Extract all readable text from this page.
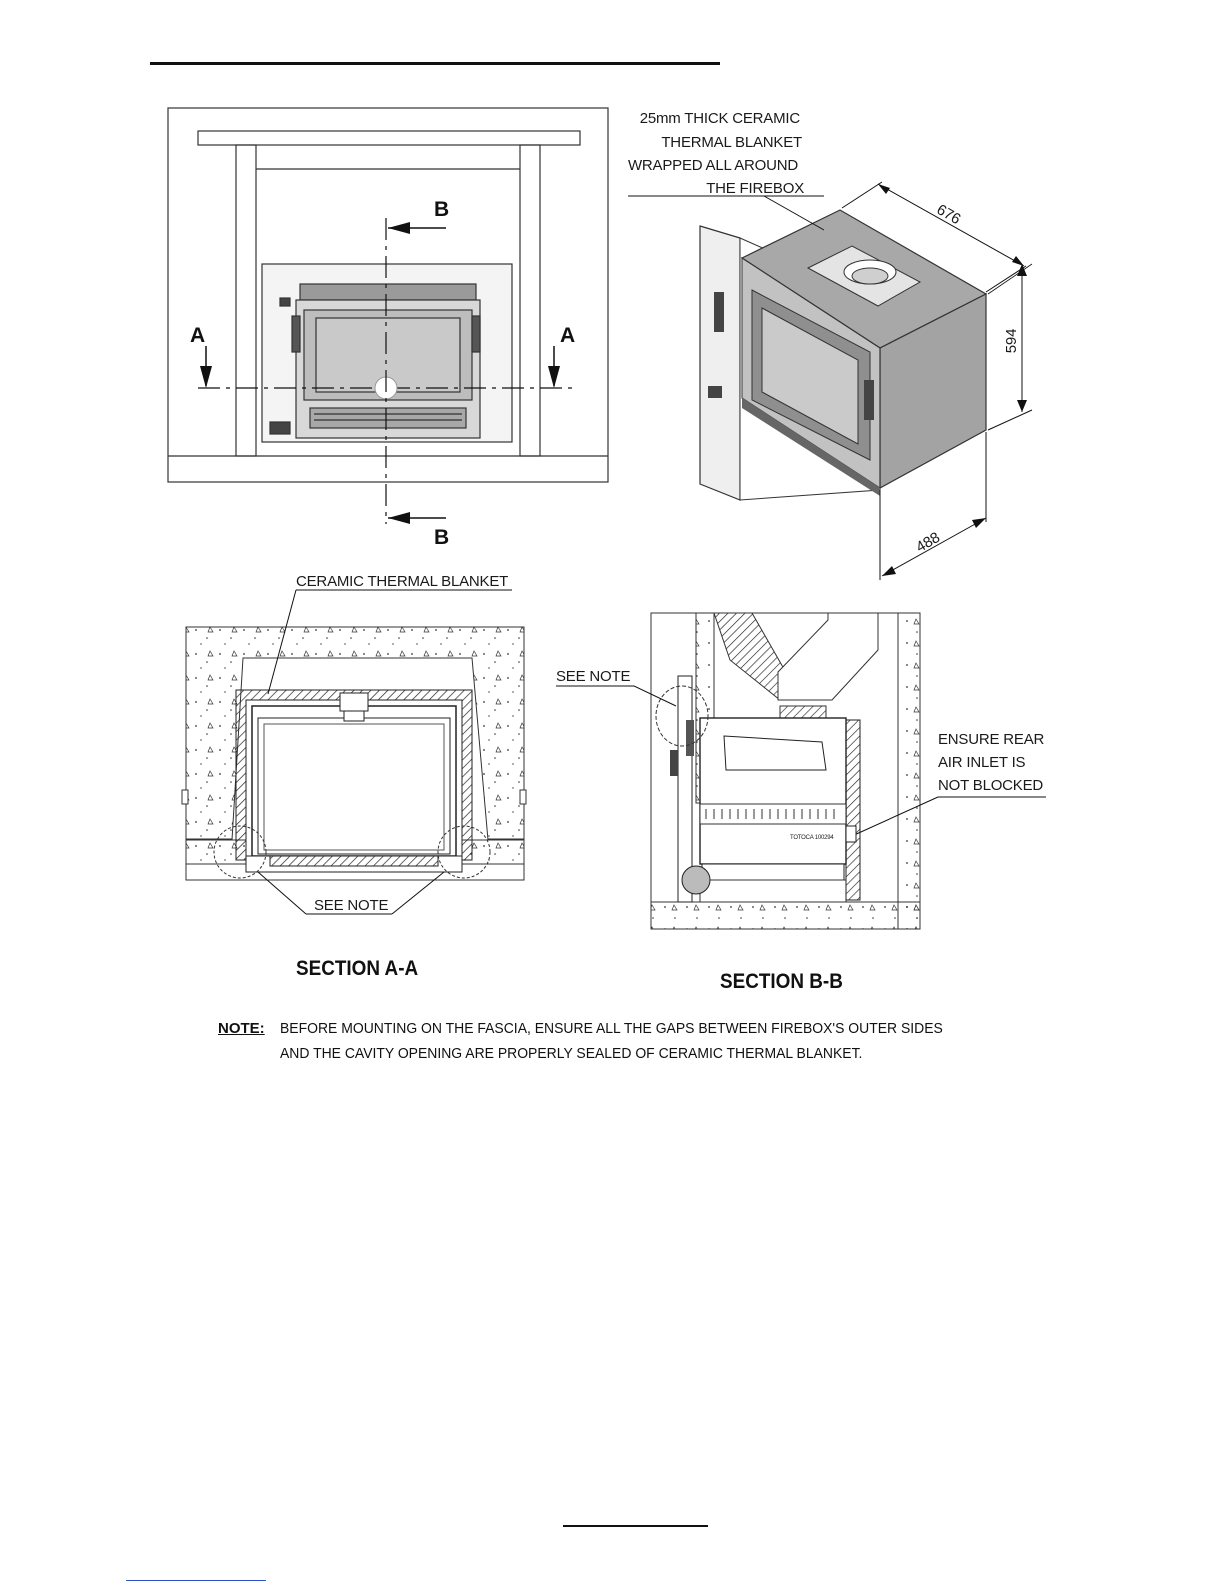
B
B
A	A
25mm THICK CERAMIC
THERMAL BLANKET
WRAPPED ALL AROUND
THE FIREBOX
676
594
488
CERAMIC THERMAL BLANKET
SEE NOTE
SECTION A-A
TOTOCA 100294
SEE NOTE
ENSURE REAR
AIR INLET IS
NOT BLOCKED
SECTION B-B
NOTE: BEFORE MOUNTING ON THE FASCIA, ENSURE ALL THE GAPS BETWEEN FIREBOX'S OUTER SIDES
AND THE CAVITY OPENING ARE PROPERLY SEALED OF CERAMIC THERMAL BLANKET.
